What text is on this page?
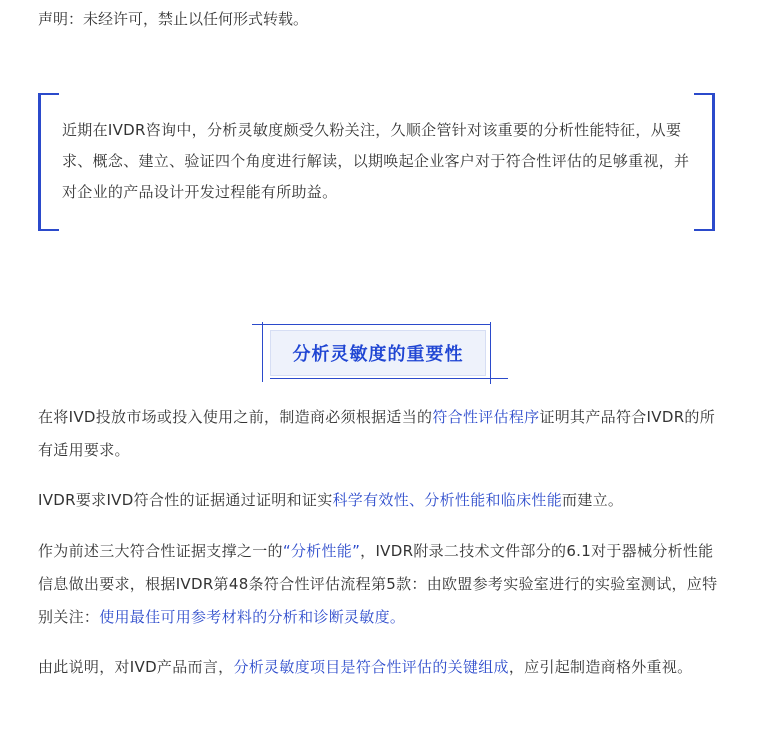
声明：未经许可，禁止以任何形式转载。
近期在IVDR咨询中，分析灵敏度颇受久粉关注，久顺企管针对该重要的分析性能特征，从要求、概念、建立、验证四个角度进行解读，以期唤起企业客户对于符合性评估的足够重视，并对企业的产品设计开发过程能有所助益。
分析灵敏度的重要性
在将IVD投放市场或投入使用之前，制造商必须根据适当的符合性评估程序证明其产品符合IVDR的所有适用要求。
IVDR要求IVD符合性的证据通过证明和证实科学有效性、分析性能和临床性能而建立。
作为前述三大符合性证据支撑之一的“分析性能”，IVDR附录二技术文件部分的6.1对于器械分析性能信息做出要求，根据IVDR第48条符合性评估流程第5款：由欧盟参考实验室进行的实验室测试，应特别关注：使用最佳可用参考材料的分析和诊断灵敏度。
由此说明，对IVD产品而言，分析灵敏度项目是符合性评估的关键组成，应引起制造商格外重视。
